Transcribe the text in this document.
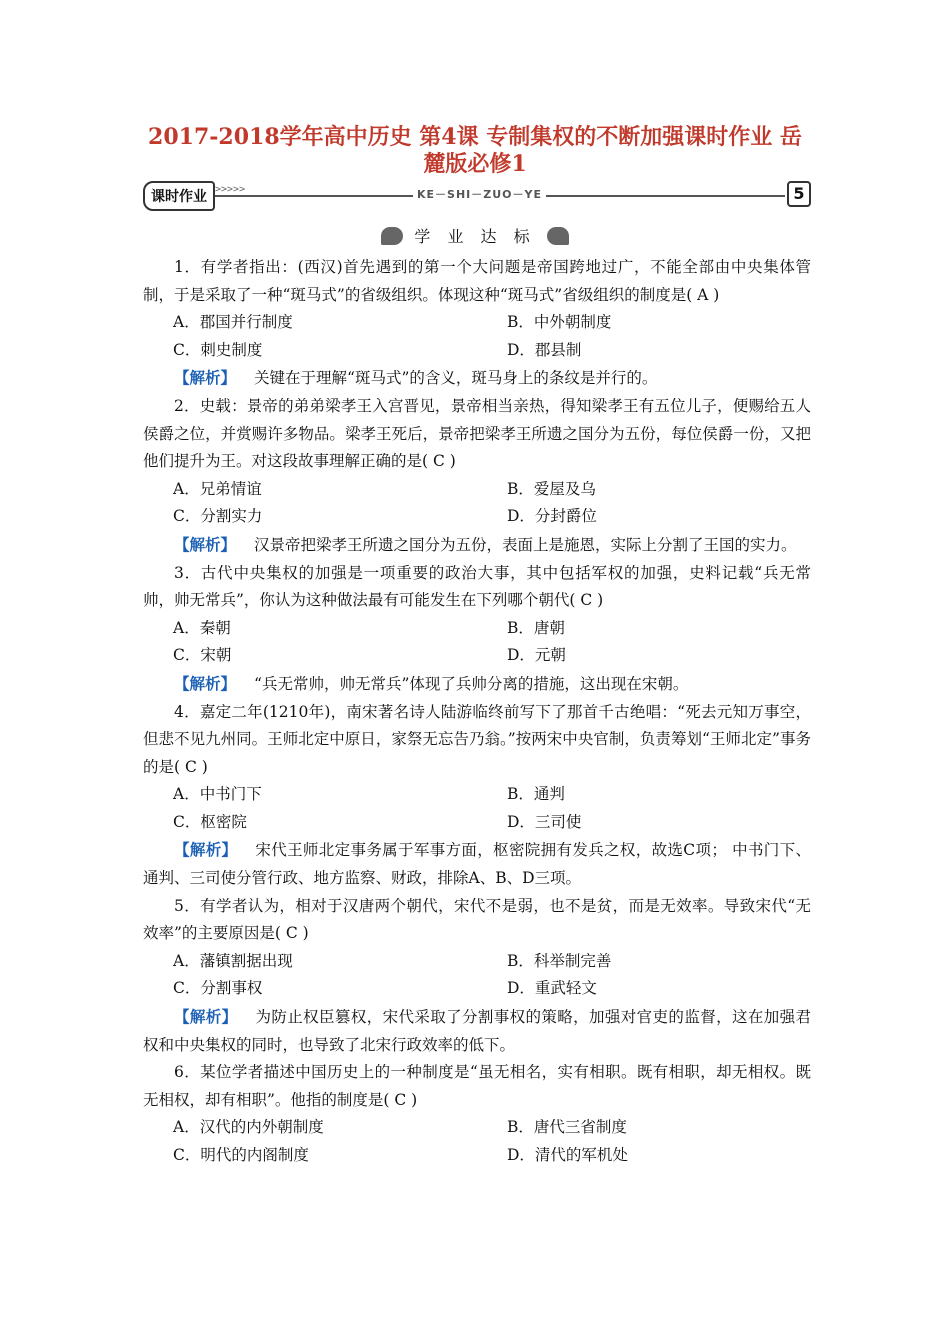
2017-2018学年高中历史 第4课 专制集权的不断加强课时作业 岳
麓版必修1
课时作业 >>>>>	KE－SHI－ZUO－YE	5
学 业 达 标

1．有学者指出：(西汉)首先遇到的第一个大问题是帝国跨地过广，不能全部由中央集体管制，于是采取了一种“斑马式”的省级组织。体现这种“斑马式”省级组织的制度是( A )

A．郡国并行制度	B．中外朝制度

C．刺史制度	D．郡县制

【解析】 关键在于理解“斑马式”的含义，斑马身上的条纹是并行的。

2．史载：景帝的弟弟梁孝王入宫晋见，景帝相当亲热，得知梁孝王有五位儿子，便赐给五人侯爵之位，并赏赐许多物品。梁孝王死后，景帝把梁孝王所遗之国分为五份，每位侯爵一份，又把他们提升为王。对这段故事理解正确的是( C )

A．兄弟情谊	B．爱屋及乌

C．分割实力	D．分封爵位

【解析】 汉景帝把梁孝王所遗之国分为五份，表面上是施恩，实际上分割了王国的实力。

3．古代中央集权的加强是一项重要的政治大事，其中包括军权的加强，史料记载“兵无常帅，帅无常兵”，你认为这种做法最有可能发生在下列哪个朝代( C )

A．秦朝	B．唐朝

C．宋朝	D．元朝

【解析】 “兵无常帅，帅无常兵”体现了兵帅分离的措施，这出现在宋朝。

4．嘉定二年(1210年)，南宋著名诗人陆游临终前写下了那首千古绝唱：“死去元知万事空，但悲不见九州同。王师北定中原日，家祭无忘告乃翁。”按两宋中央官制，负责筹划“王师北定”事务的是( C )

A．中书门下	B．通判

C．枢密院	D．三司使

【解析】 宋代王师北定事务属于军事方面，枢密院拥有发兵之权，故选C项； 中书门下、通判、三司使分管行政、地方监察、财政，排除A、B、D三项。

5．有学者认为，相对于汉唐两个朝代，宋代不是弱，也不是贫，而是无效率。导致宋代“无效率”的主要原因是( C )

A．藩镇割据出现	B．科举制完善

C．分割事权	D．重武轻文

【解析】 为防止权臣篡权，宋代采取了分割事权的策略，加强对官吏的监督，这在加强君权和中央集权的同时，也导致了北宋行政效率的低下。

6．某位学者描述中国历史上的一种制度是“虽无相名，实有相职。既有相职，却无相权。既无相权，却有相职”。他指的制度是( C )

A．汉代的内外朝制度	B．唐代三省制度

C．明代的内阁制度	D．清代的军机处
